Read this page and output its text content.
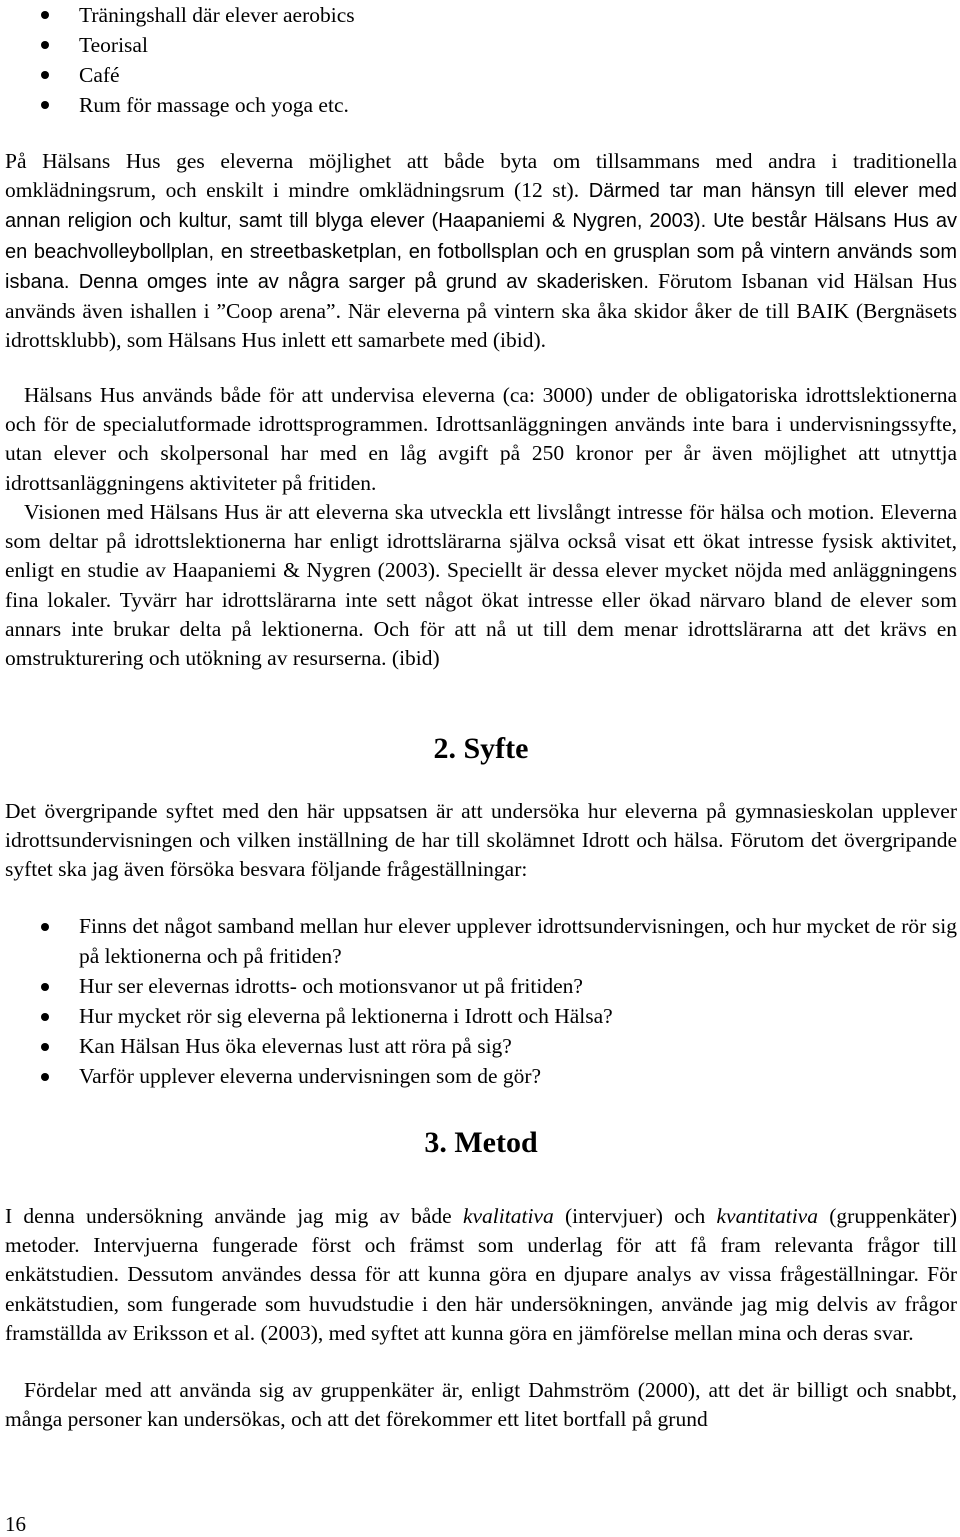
Träningshall där elever aerobics
Teorisal
Café
Rum för massage och yoga etc.
På Hälsans Hus ges eleverna möjlighet att både byta om tillsammans med andra i traditionella omklädningsrum, och enskilt i mindre omklädningsrum (12 st). Därmed tar man hänsyn till elever med annan religion och kultur, samt till blyga elever (Haapaniemi & Nygren, 2003). Ute består Hälsans Hus av en beachvolleybollplan, en streetbasketplan, en fotbollsplan och en grusplan som på vintern används som isbana. Denna omges inte av några sarger på grund av skaderisken. Förutom Isbanan vid Hälsan Hus används även ishallen i ”Coop arena”. När eleverna på vintern ska åka skidor åker de till BAIK (Bergnäsets idrottsklubb), som Hälsans Hus inlett ett samarbete med (ibid).
Hälsans Hus används både för att undervisa eleverna (ca: 3000) under de obligatoriska idrottslektionerna och för de specialutformade idrottsprogrammen. Idrottsanläggningen används inte bara i undervisningssyfte, utan elever och skolpersonal har med en låg avgift på 250 kronor per år även möjlighet att utnyttja idrottsanläggningens aktiviteter på fritiden.
Visionen med Hälsans Hus är att eleverna ska utveckla ett livslångt intresse för hälsa och motion. Eleverna som deltar på idrottslektionerna har enligt idrottslärarna själva också visat ett ökat intresse fysisk aktivitet, enligt en studie av Haapaniemi & Nygren (2003). Speciellt är dessa elever mycket nöjda med anläggningens fina lokaler. Tyvärr har idrottslärarna inte sett något ökat intresse eller ökad närvaro bland de elever som annars inte brukar delta på lektionerna. Och för att nå ut till dem menar idrottslärarna att det krävs en omstrukturering och utökning av resurserna. (ibid)
2. Syfte
Det övergripande syftet med den här uppsatsen är att undersöka hur eleverna på gymnasieskolan upplever idrottsundervisningen och vilken inställning de har till skolämnet Idrott och hälsa. Förutom det övergripande syftet ska jag även försöka besvara följande frågeställningar:
Finns det något samband mellan hur elever upplever idrottsundervisningen, och hur mycket de rör sig på lektionerna och på fritiden?
Hur ser elevernas idrotts- och motionsvanor ut på fritiden?
Hur mycket rör sig eleverna på lektionerna i Idrott och Hälsa?
Kan Hälsan Hus öka elevernas lust att röra på sig?
Varför upplever eleverna undervisningen som de gör?
3. Metod
I denna undersökning använde jag mig av både kvalitativa (intervjuer) och kvantitativa (gruppenkäter) metoder. Intervjuerna fungerade först och främst som underlag för att få fram relevanta frågor till enkätstudien. Dessutom användes dessa för att kunna göra en djupare analys av vissa frågeställningar. För enkätstudien, som fungerade som huvudstudie i den här undersökningen, använde jag mig delvis av frågor framställda av Eriksson et al. (2003), med syftet att kunna göra en jämförelse mellan mina och deras svar.
Fördelar med att använda sig av gruppenkäter är, enligt Dahmström (2000), att det är billigt och snabbt, många personer kan undersökas, och att det förekommer ett litet bortfall på grund
16
